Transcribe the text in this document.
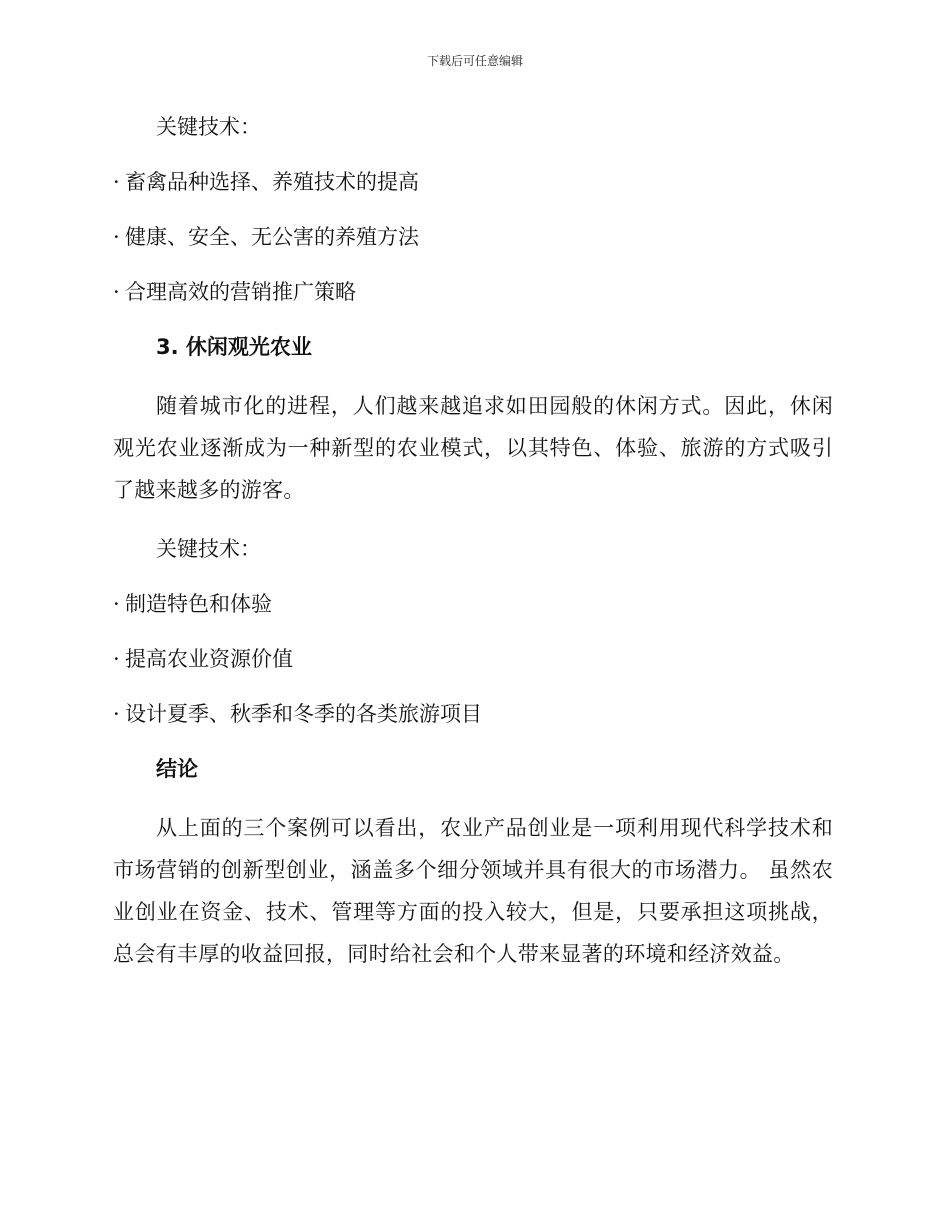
下载后可任意编辑
关键技术：
· 畜禽品种选择、养殖技术的提高
· 健康、安全、无公害的养殖方法
· 合理高效的营销推广策略
3. 休闲观光农业
随着城市化的进程，人们越来越追求如田园般的休闲方式。因此，休闲观光农业逐渐成为一种新型的农业模式，以其特色、体验、旅游的方式吸引了越来越多的游客。
关键技术：
· 制造特色和体验
· 提高农业资源价值
· 设计夏季、秋季和冬季的各类旅游项目
结论
从上面的三个案例可以看出，农业产品创业是一项利用现代科学技术和市场营销的创新型创业，涵盖多个细分领域并具有很大的市场潜力。 虽然农业创业在资金、技术、管理等方面的投入较大，但是，只要承担这项挑战，总会有丰厚的收益回报，同时给社会和个人带来显著的环境和经济效益。
